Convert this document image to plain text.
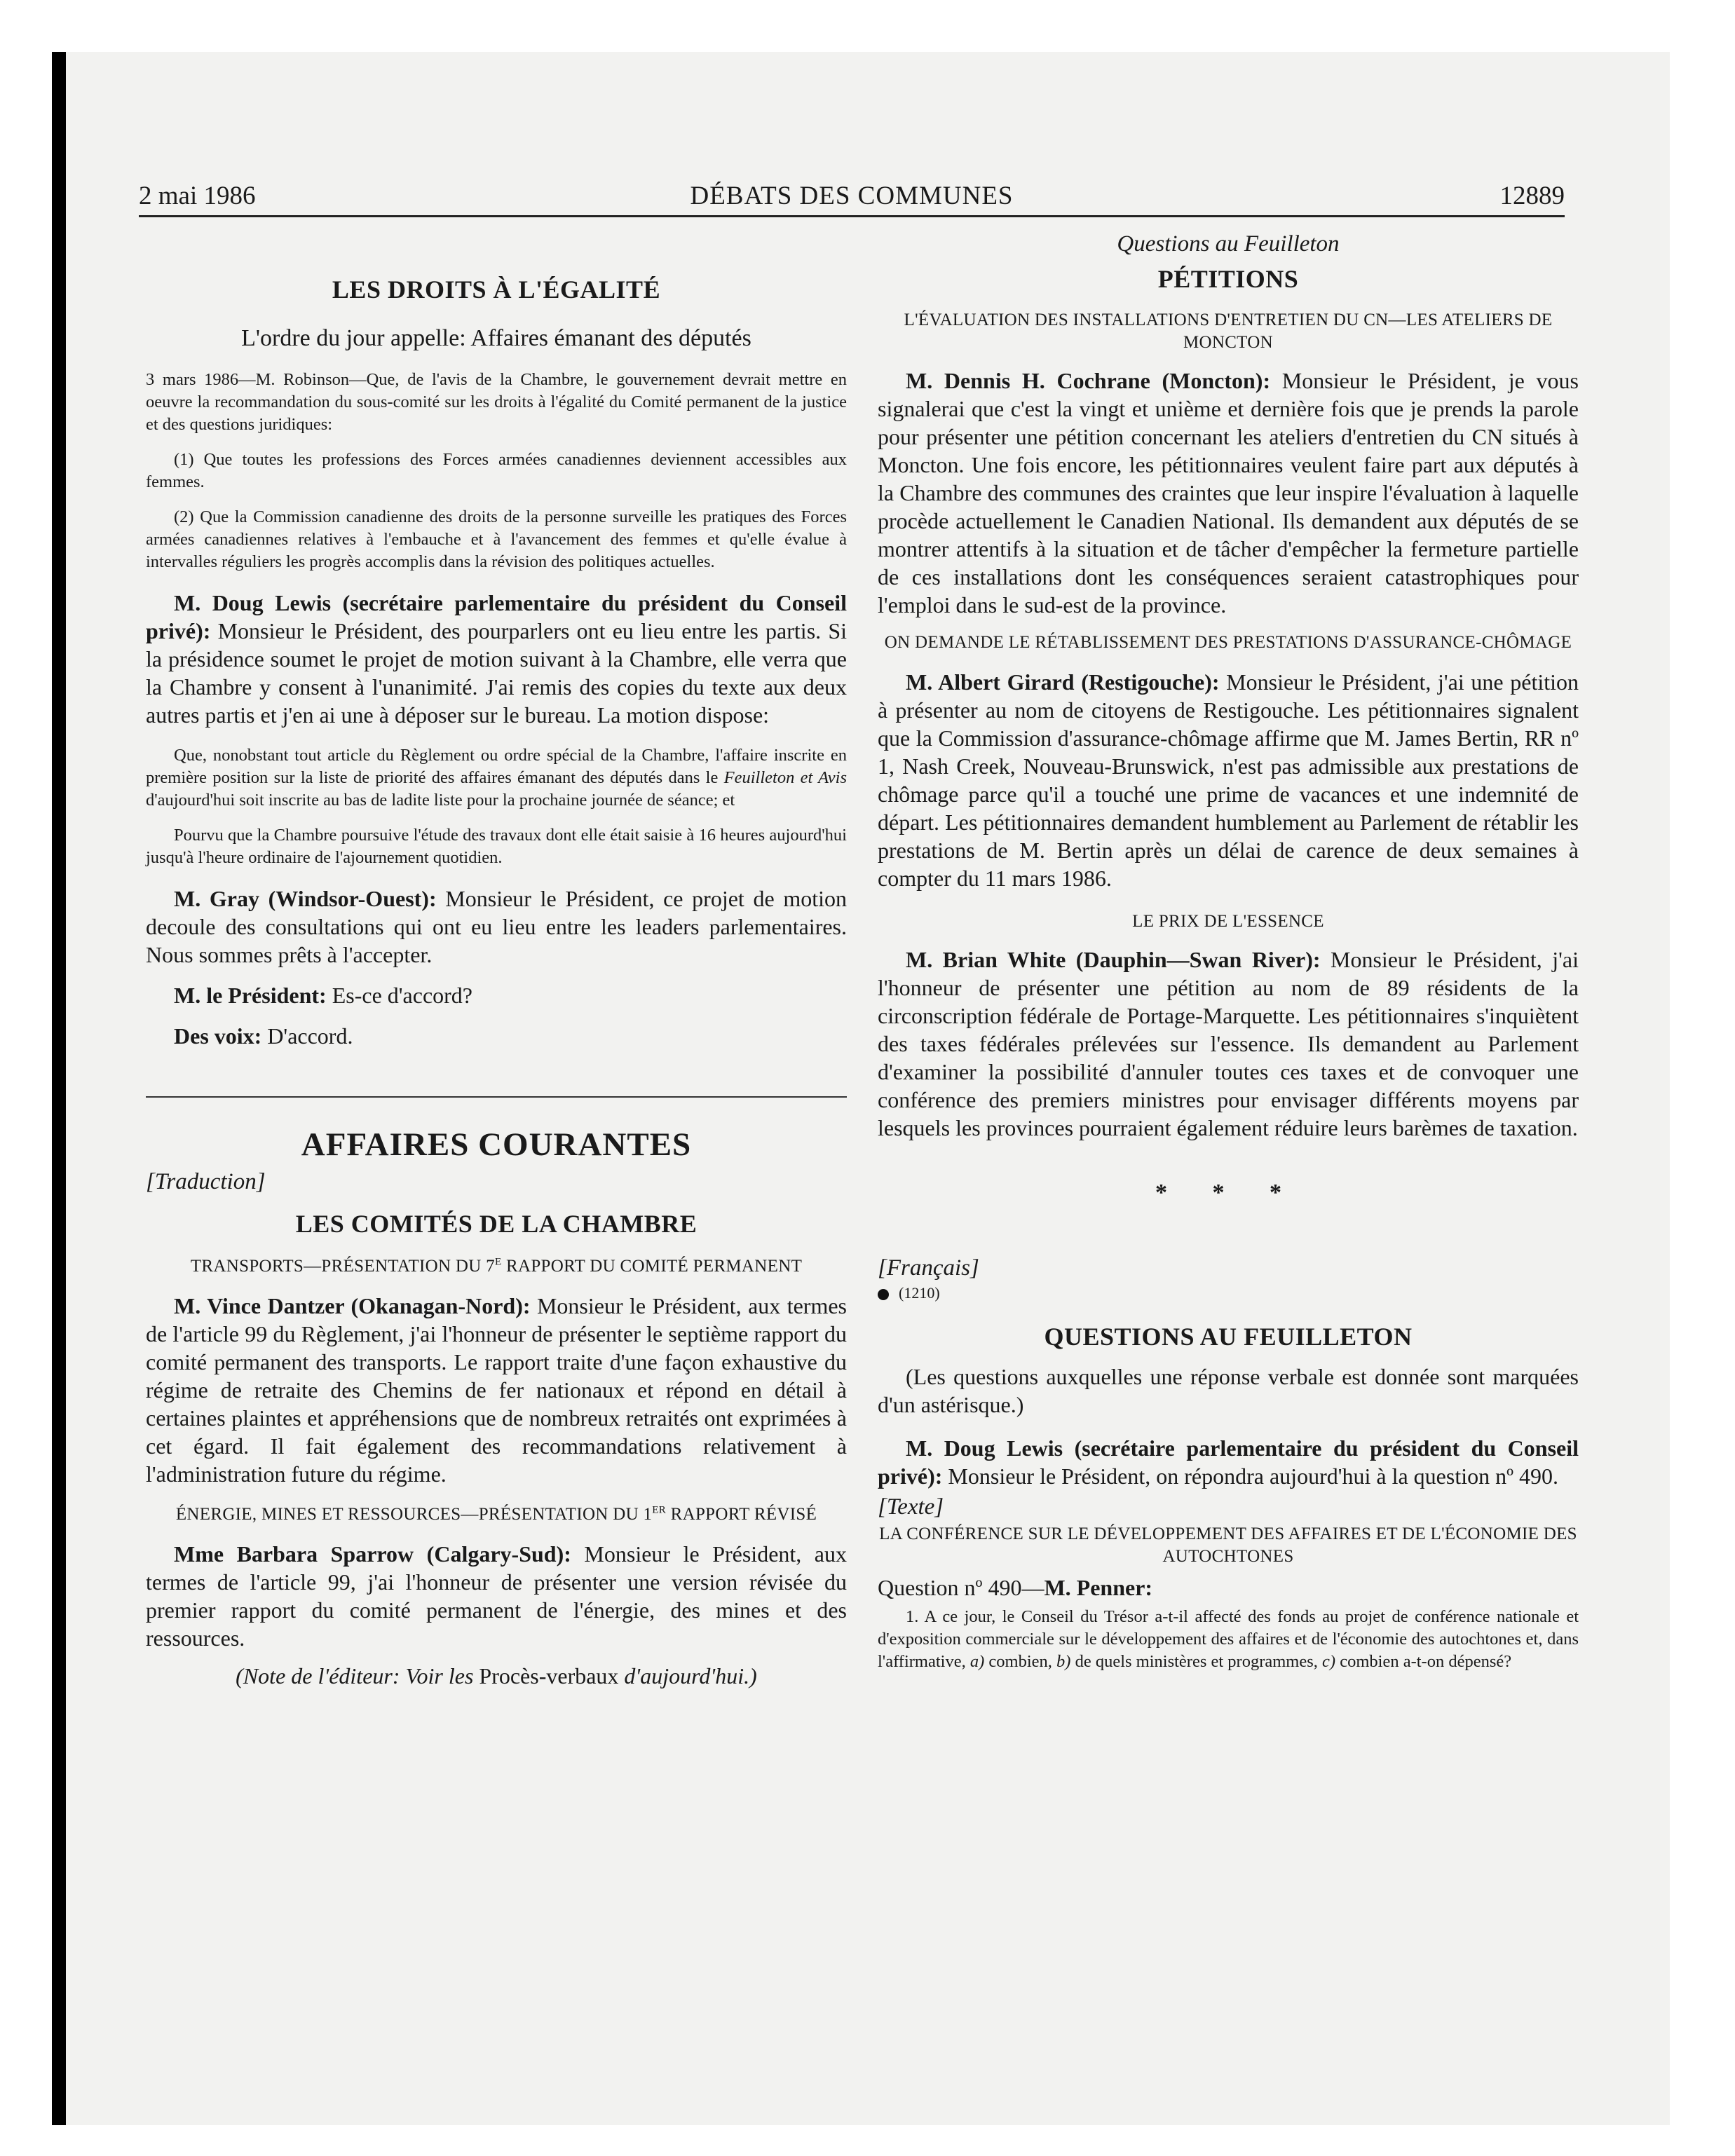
2 mai 1986	DÉBATS DES COMMUNES	12889

LES DROITS À L'ÉGALITÉ

L'ordre du jour appelle: Affaires émanant des députés

3 mars 1986—M. Robinson—Que, de l'avis de la Chambre, le gouvernement devrait mettre en oeuvre la recommandation du sous-comité sur les droits à l'égalité du Comité permanent de la justice et des questions juridiques:

(1) Que toutes les professions des Forces armées canadiennes deviennent accessibles aux femmes.

(2) Que la Commission canadienne des droits de la personne surveille les pratiques des Forces armées canadiennes relatives à l'embauche et à l'avancement des femmes et qu'elle évalue à intervalles réguliers les progrès accomplis dans la révision des politiques actuelles.

M. Doug Lewis (secrétaire parlementaire du président du Conseil privé): Monsieur le Président, des pourparlers ont eu lieu entre les partis. Si la présidence soumet le projet de motion suivant à la Chambre, elle verra que la Chambre y consent à l'unanimité. J'ai remis des copies du texte aux deux autres partis et j'en ai une à déposer sur le bureau. La motion dispose:

Que, nonobstant tout article du Règlement ou ordre spécial de la Chambre, l'affaire inscrite en première position sur la liste de priorité des affaires émanant des députés dans le Feuilleton et Avis d'aujourd'hui soit inscrite au bas de ladite liste pour la prochaine journée de séance; et

Pourvu que la Chambre poursuive l'étude des travaux dont elle était saisie à 16 heures aujourd'hui jusqu'à l'heure ordinaire de l'ajournement quotidien.

M. Gray (Windsor-Ouest): Monsieur le Président, ce projet de motion decoule des consultations qui ont eu lieu entre les leaders parlementaires. Nous sommes prêts à l'accepter.

M. le Président: Es-ce d'accord?

Des voix: D'accord.

AFFAIRES COURANTES

[Traduction]

LES COMITÉS DE LA CHAMBRE

TRANSPORTS—PRÉSENTATION DU $7^E$ RAPPORT DU COMITÉ PERMANENT

M. Vince Dantzer (Okanagan-Nord): Monsieur le Président, aux termes de l'article 99 du Règlement, j'ai l'honneur de présenter le septième rapport du comité permanent des transports. Le rapport traite d'une façon exhaustive du régime de retraite des Chemins de fer nationaux et répond en détail à certaines plaintes et appréhensions que de nombreux retraités ont exprimées à cet égard. Il fait également des recommandations relativement à l'administration future du régime.

ÉNERGIE, MINES ET RESSOURCES—PRÉSENTATION DU 1ER RAPPORT RÉVISÉ

Mme Barbara Sparrow (Calgary-Sud): Monsieur le Président, aux termes de l'article 99, j'ai l'honneur de présenter une version révisée du premier rapport du comité permanent de l'énergie, des mines et des ressources.

(Note de l'éditeur: Voir les Procès-verbaux d'aujourd'hui.)

Questions au Feuilleton

PÉTITIONS

L'ÉVALUATION DES INSTALLATIONS D'ENTRETIEN DU CN—LES ATELIERS DE MONCTON

M. Dennis H. Cochrane (Moncton): Monsieur le Président, je vous signalerai que c'est la vingt et unième et dernière fois que je prends la parole pour présenter une pétition concernant les ateliers d'entretien du CN situés à Moncton. Une fois encore, les pétitionnaires veulent faire part aux députés à la Chambre des communes des craintes que leur inspire l'évaluation à laquelle procède actuellement le Canadien National. Ils demandent aux députés de se montrer attentifs à la situation et de tâcher d'empêcher la fermeture partielle de ces installations dont les conséquences seraient catastrophiques pour l'emploi dans le sud-est de la province.

ON DEMANDE LE RÉTABLISSEMENT DES PRESTATIONS D'ASSURANCE-CHÔMAGE

M. Albert Girard (Restigouche): Monsieur le Président, j'ai une pétition à présenter au nom de citoyens de Restigouche. Les pétitionnaires signalent que la Commission d'assurance-chômage affirme que M. James Bertin, RR nº 1, Nash Creek, Nouveau-Brunswick, n'est pas admissible aux prestations de chômage parce qu'il a touché une prime de vacances et une indemnité de départ. Les pétitionnaires demandent humblement au Parlement de rétablir les prestations de M. Bertin après un délai de carence de deux semaines à compter du 11 mars 1986.

LE PRIX DE L'ESSENCE

M. Brian White (Dauphin—Swan River): Monsieur le Président, j'ai l'honneur de présenter une pétition au nom de 89 résidents de la circonscription fédérale de Portage-Marquette. Les pétitionnaires s'inquiètent des taxes fédérales prélevées sur l'essence. Ils demandent au Parlement d'examiner la possibilité d'annuler toutes ces taxes et de convoquer une conférence des premiers ministres pour envisager différents moyens par lesquels les provinces pourraient également réduire leurs barèmes de taxation.

* * *

[Français]

(1210)

QUESTIONS AU FEUILLETON

(Les questions auxquelles une réponse verbale est donnée sont marquées d'un astérisque.)

M. Doug Lewis (secrétaire parlementaire du président du Conseil privé): Monsieur le Président, on répondra aujourd'hui à la question nº 490.

[Texte]

LA CONFÉRENCE SUR LE DÉVELOPPEMENT DES AFFAIRES ET DE L'ÉCONOMIE DES AUTOCHTONES

Question nº 490—M. Penner:

1. A ce jour, le Conseil du Trésor a-t-il affecté des fonds au projet de conférence nationale et d'exposition commerciale sur le développement des affaires et de l'économie des autochtones et, dans l'affirmative, a) combien, b) de quels ministères et programmes, c) combien a-t-on dépensé?
